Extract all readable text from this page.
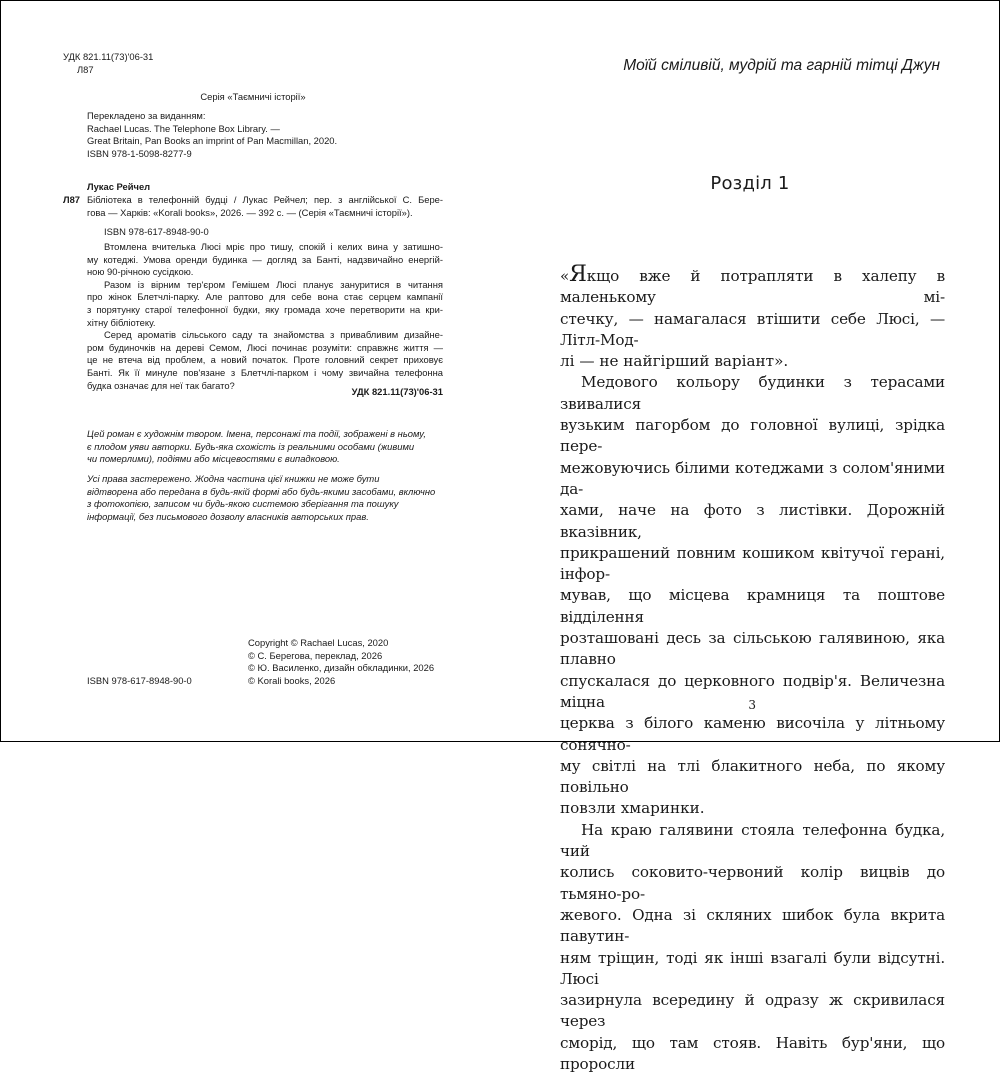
УДК 821.11(73)'06-31
Л87
Серія «Таємничі історії»
Перекладено за виданням:
Rachael Lucas. The Telephone Box Library. —
Great Britain, Pan Books an imprint of Pan Macmillan, 2020.
ISBN 978-1-5098-8277-9
Лукас Рейчел
Л87 Бібліотека в телефонній будці / Лукас Рейчел; пер. з англійської С. Бере-
гова — Харків: «Korali books», 2026. — 392 с. — (Серія «Таємничі історії»).
ISBN 978-617-8948-90-0
Втомлена вчителька Люсі мріє про тишу, спокій і келих вина у затишно-
му котеджі. Умова оренди будинка — догляд за Банті, надзвичайно енергій-
ною 90-річною сусідкою.
Разом із вірним тер'єром Гемішем Люсі планує зануритися в читання
про жінок Блетчлі-парку. Але раптово для себе вона стає серцем кампанії
з порятунку старої телефонної будки, яку громада хоче перетворити на кри-
хітну бібліотеку.
Серед ароматів сільського саду та знайомства з привабливим дизайне-
ром будиночків на дереві Семом, Люсі починає розуміти: справжнє життя —
це не втеча від проблем, а новий початок. Проте головний секрет приховує
Банті. Як її минуле пов'язане з Блетчлі-парком і чому звичайна телефонна
будка означає для неї так багато?
УДК 821.11(73)'06-31
Цей роман є художнім твором. Імена, персонажі та події, зображені в ньому,
є плодом уяви авторки. Будь-яка схожість із реальними особами (живими
чи померлими), подіями або місцевостями є випадковою.
Усі права застережено. Жодна частина цієї книжки не може бути
відтворена або передана в будь-якій формі або будь-якими засобами, включно
з фотокопією, записом чи будь-якою системою зберігання та пошуку
інформації, без письмового дозволу власників авторських прав.
ISBN 978-617-8948-90-0
Copyright © Rachael Lucas, 2020
© С. Берегова, переклад, 2026
© Ю. Василенко, дизайн обкладинки, 2026
© Korali books, 2026
Моїй сміливій, мудрій та гарній тітці Джун
Розділ 1
«Якщо вже й потрапляти в халепу в маленькому мі-
стечку, — намагалася втішити себе Люсі, — Літл-Мод-
лі — не найгірший варіант».
Медового кольору будинки з терасами звивалися
вузьким пагорбом до головної вулиці, зрідка пере-
межовуючись білими котеджами з солом'яними да-
хами, наче на фото з листівки. Дорожній вказівник,
прикрашений повним кошиком квітучої герані, інфор-
мував, що місцева крамниця та поштове відділення
розташовані десь за сільською галявиною, яка плавно
спускалася до церковного подвір'я. Величезна міцна
церква з білого каменю височіла у літньому сонячно-
му світлі на тлі блакитного неба, по якому повільно
повзли хмаринки.
На краю галявини стояла телефонна будка, чий
колись соковито-червоний колір вицвів до тьмяно-ро-
жевого. Одна зі скляних шибок була вкрита павутин-
ням тріщин, тоді як інші взагалі були відсутні. Люсі
зазирнула всередину й одразу ж скривилася через
сморід, що там стояв. Навіть бур'яни, що проросли
3
